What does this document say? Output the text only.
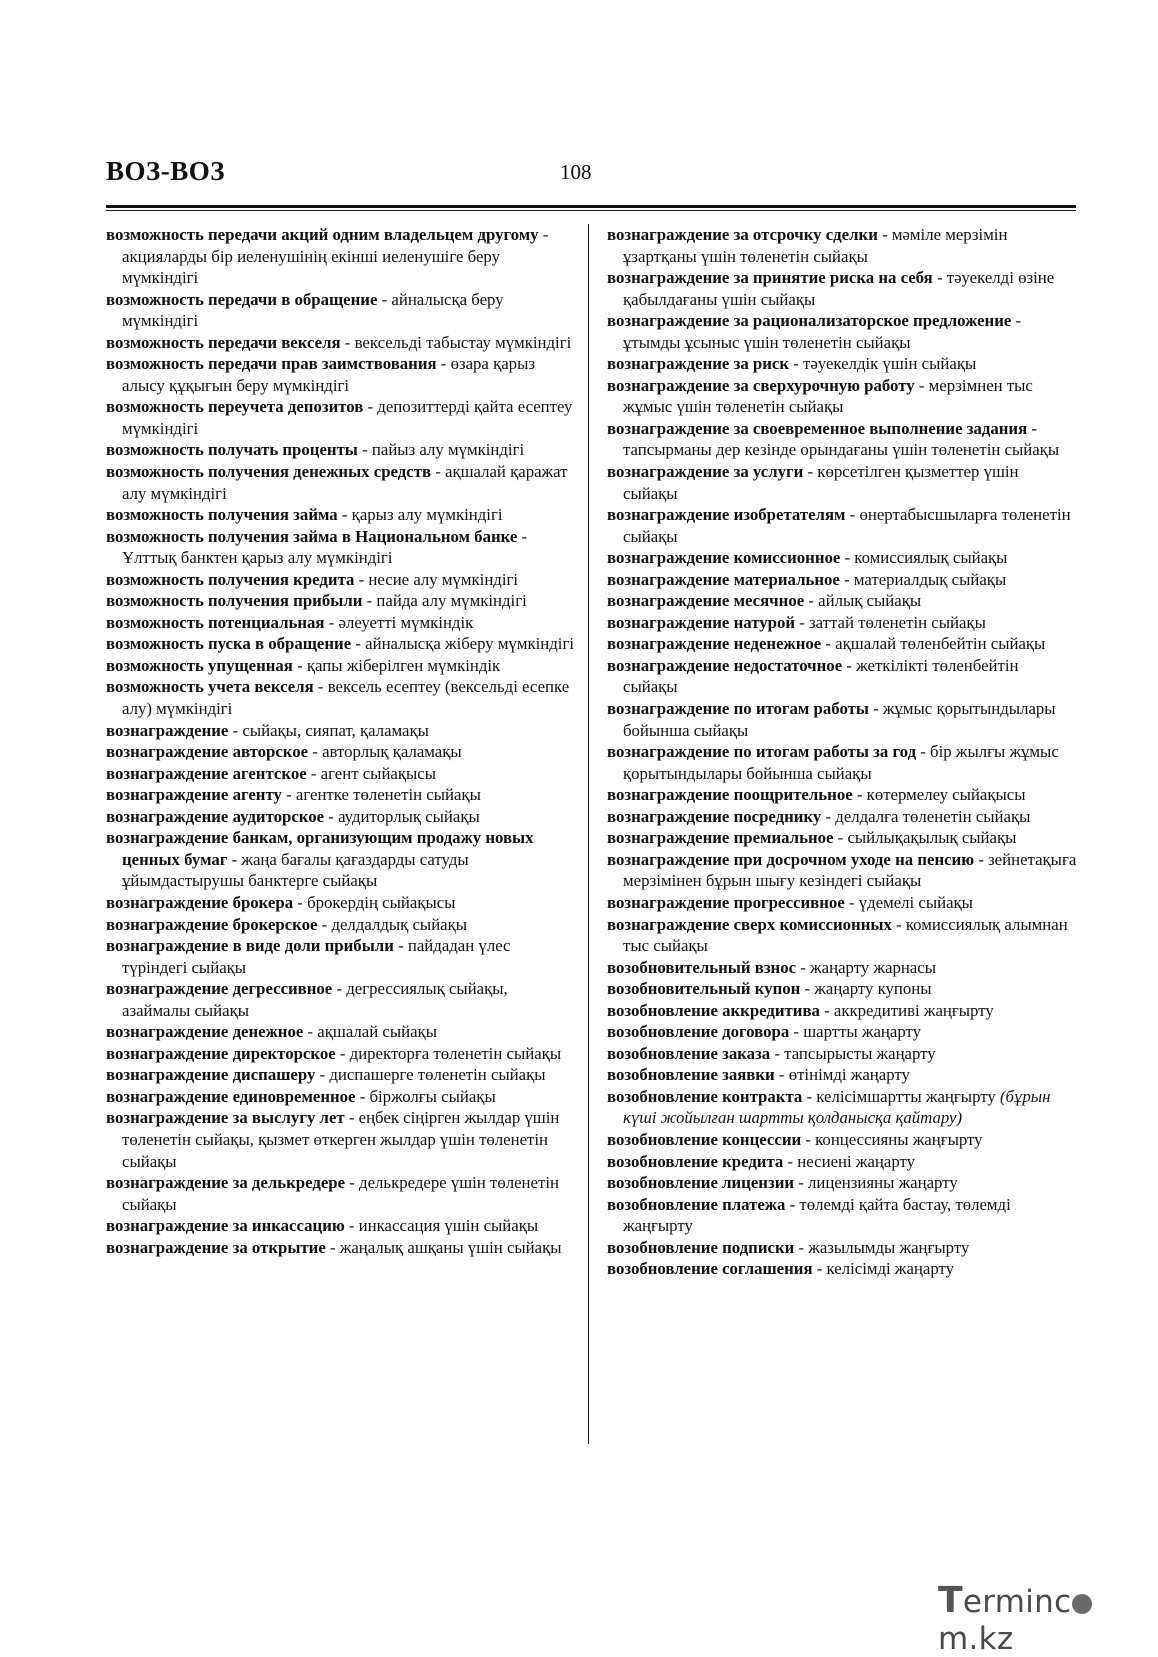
ВОЗ-ВОЗ	108

возможность передачи акций одним владельцем другому - акцияларды бір иеленушінің екінші иеленушіге беру мүмкіндігі

возможность передачи в обращение - айналысқа беру мүмкіндігі

возможность передачи векселя - вексельді табыстау мүмкіндігі

возможность передачи прав заимствования - өзара қарыз алысу құқығын беру мүмкіндігі

возможность переучета депозитов - депозиттерді қайта есептеу мүмкіндігі

возможность получать проценты - пайыз алу мүмкіндігі

возможность получения денежных средств - ақшалай қаражат алу мүмкіндігі

возможность получения займа - қарыз алу мүмкіндігі

возможность получения займа в Национальном банке - Ұлттық банктен қарыз алу мүмкіндігі

возможность получения кредита - несие алу мүмкіндігі

возможность получения прибыли - пайда алу мүмкіндігі

возможность потенциальная - әлеуетті мүмкіндік

возможность пуска в обращение - айналысқа жіберу мүмкіндігі

возможность упущенная - қапы жіберілген мүмкіндік

возможность учета векселя - вексель есептеу (вексельді есепке алу) мүмкіндігі

вознаграждение - сыйақы, сияпат, қаламақы

вознаграждение авторское - авторлық қаламақы

вознаграждение агентское - агент сыйақысы

вознаграждение агенту - агентке төленетін сыйақы

вознаграждение аудиторское - аудиторлық сыйақы

вознаграждение банкам, организующим продажу новых ценных бумаг - жаңа бағалы қағаздарды сатуды ұйымдастырушы банктерге сыйақы

вознаграждение брокера - брокердің сыйақысы

вознаграждение брокерское - делдалдық сыйақы

вознаграждение в виде доли прибыли - пайдадан үлес түріндегі сыйақы

вознаграждение дегрессивное - дегрессиялық сыйақы, азаймалы сыйақы

вознаграждение денежное - ақшалай сыйақы

вознаграждение директорское - директорға төленетін сыйақы

вознаграждение диспашеру - диспашерге төленетін сыйақы

вознаграждение единовременное - біржолғы сыйақы

вознаграждение за выслугу лет - еңбек сіңірген жылдар үшін төленетін сыйақы, қызмет өткерген жылдар үшін төленетін сыйақы

вознаграждение за делькредере - делькредере үшін төленетін сыйақы

вознаграждение за инкассацию - инкассация үшін сыйақы

вознаграждение за открытие - жаңалық ашқаны үшін сыйақы

вознаграждение за отсрочку сделки - мәміле мерзімін ұзартқаны үшін төленетін сыйақы

вознаграждение за принятие риска на себя - тәуекелді өзіне қабылдағаны үшін сыйақы

вознаграждение за рационализаторское предложение - ұтымды ұсыныс үшін төленетін сыйақы

вознаграждение за риск - тәуекелдік үшін сыйақы

вознаграждение за сверхурочную работу - мерзімнен тыс жұмыс үшін төленетін сыйақы

вознаграждение за своевременное выполнение задания - тапсырманы дер кезінде орындағаны үшін төленетін сыйақы

вознаграждение за услуги - көрсетілген қызметтер үшін сыйақы

вознаграждение изобретателям - өнертабысшыларға төленетін сыйақы

вознаграждение комиссионное - комиссиялық сыйақы

вознаграждение материальное - материалдық сыйақы

вознаграждение месячное - айлық сыйақы

вознаграждение натурой - заттай төленетін сыйақы

вознаграждение неденежное - ақшалай төленбейтін сыйақы

вознаграждение недостаточное - жеткілікті төленбейтін сыйақы

вознаграждение по итогам работы - жұмыс қорытындылары бойынша сыйақы

вознаграждение по итогам работы за год - бір жылғы жұмыс қорытындылары бойынша сыйақы

вознаграждение поощрительное - көтермелеу сыйақысы

вознаграждение посреднику - делдалға төленетін сыйақы

вознаграждение премиальное - сыйлықақылық сыйақы

вознаграждение при досрочном уходе на пенсию - зейнетақыға мерзімінен бұрын шығу кезіндегі сыйақы

вознаграждение прогрессивное - үдемелі сыйақы

вознаграждение сверх комиссионных - комиссиялық алымнан тыс сыйақы

возобновительный взнос - жаңарту жарнасы

возобновительный купон - жаңарту купоны

возобновление аккредитива - аккредитиві жаңғырту

возобновление договора - шартты жаңарту

возобновление заказа - тапсырысты жаңарту

возобновление заявки - өтінімді жаңарту

возобновление контракта - келісімшартты жаңғырту (бұрын күші жойылған шартты қолданысқа қайтару)

возобновление концессии - концессияны жаңғырту

возобновление кредита - несиені жаңарту

возобновление лицензии - лицензияны жаңарту

возобновление платежа - төлемді қайта бастау, төлемді жаңғырту

возобновление подписки - жазылымды жаңғырту

возобновление соглашения - келісімді жаңарту

Termincm.kz
